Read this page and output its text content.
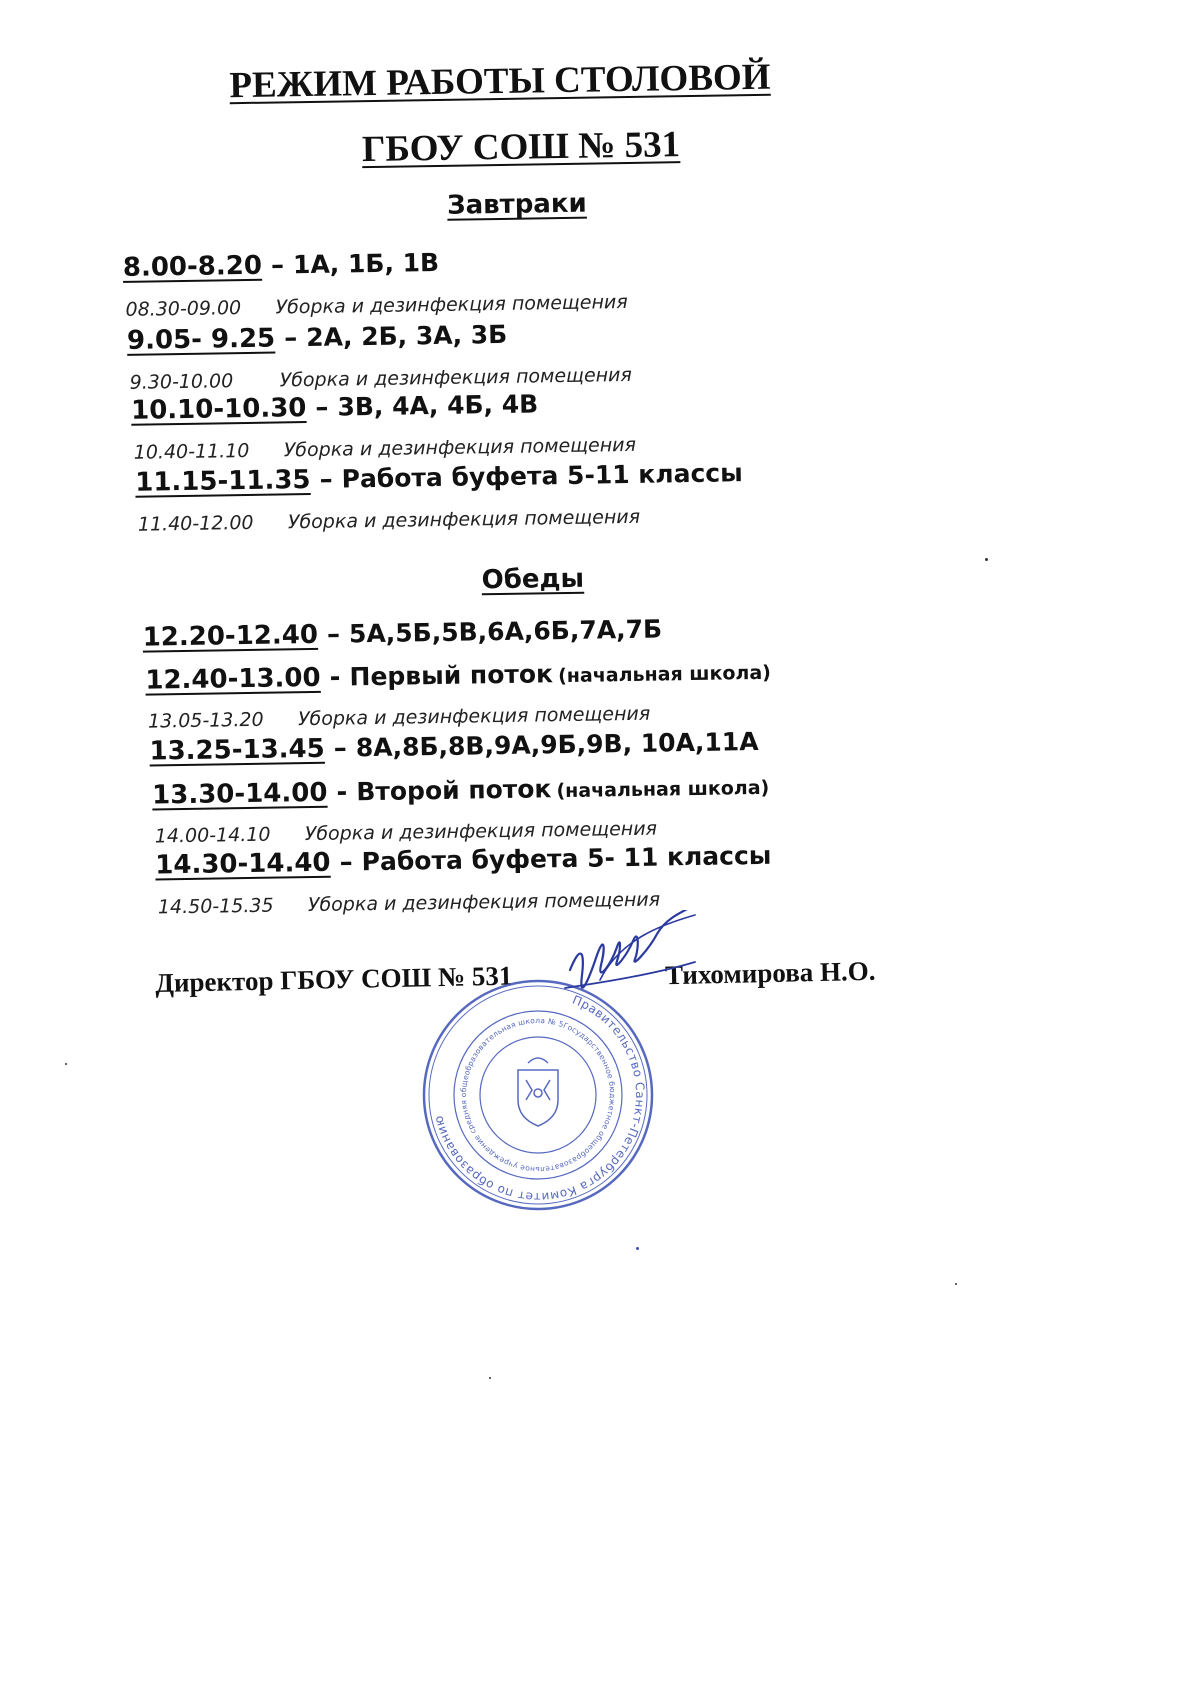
РЕЖИМ РАБОТЫ СТОЛОВОЙ
ГБОУ СОШ № 531
Завтраки
8.00-8.20 – 1А, 1Б, 1В
08.30-09.00 Уборка и дезинфекция помещения
9.05- 9.25 – 2А, 2Б, 3А, 3Б
9.30-10.00 Уборка и дезинфекция помещения
10.10-10.30 – 3В, 4А, 4Б, 4В
10.40-11.10 Уборка и дезинфекция помещения
11.15-11.35 – Работа буфета 5-11 классы
11.40-12.00 Уборка и дезинфекция помещения
Обеды
12.20-12.40 – 5А,5Б,5В,6А,6Б,7А,7Б
12.40-13.00 - Первый поток (начальная школа)
13.05-13.20 Уборка и дезинфекция помещения
13.25-13.45 – 8А,8Б,8В,9А,9Б,9В, 10А,11А
13.30-14.00 - Второй поток (начальная школа)
14.00-14.10 Уборка и дезинфекция помещения
14.30-14.40 – Работа буфета 5- 11 классы
14.50-15.35 Уборка и дезинфекция помещения
Директор ГБОУ СОШ № 531	Тихомирова Н.О.
Правительство Санкт-Петербурга Комитет по образованию
Государственное бюджетное общеобразовательное учреждение средняя общеобразовательная школа № 531
